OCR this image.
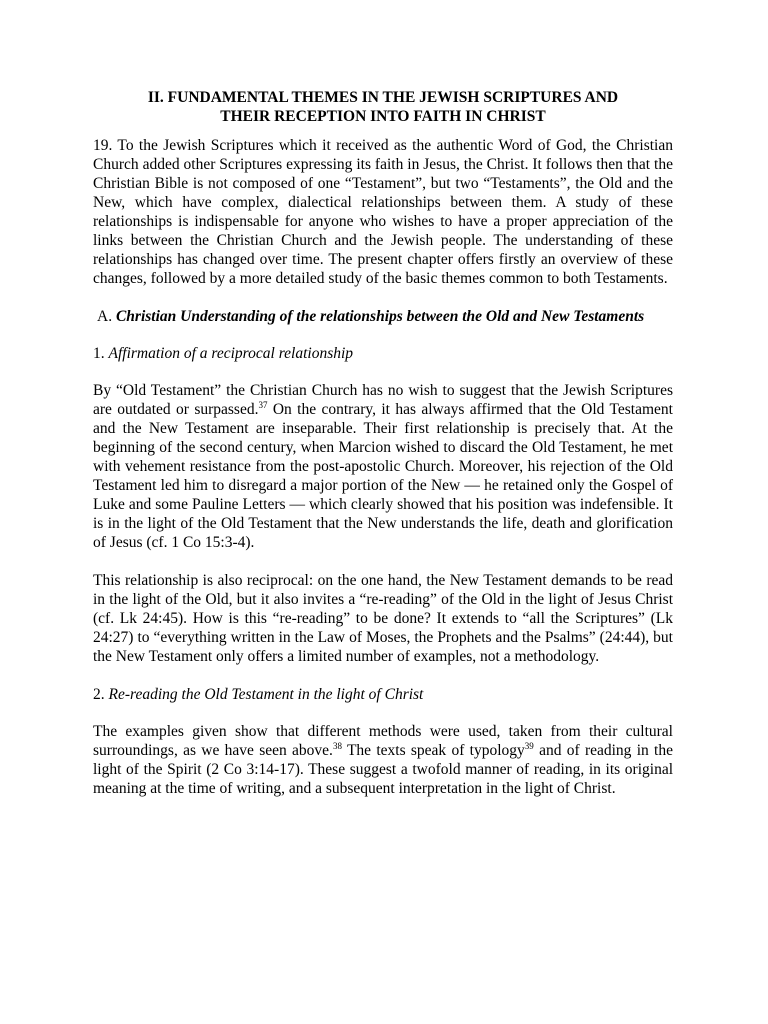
II. FUNDAMENTAL THEMES IN THE JEWISH SCRIPTURES AND
THEIR RECEPTION INTO FAITH IN CHRIST

19. To the Jewish Scriptures which it received as the authentic Word of God, the Christian Church added other Scriptures expressing its faith in Jesus, the Christ. It follows then that the Christian Bible is not composed of one “Testament”, but two “Testaments”, the Old and the New, which have complex, dialectical relationships between them. A study of these relationships is indispensable for anyone who wishes to have a proper appreciation of the links between the Christian Church and the Jewish people. The understanding of these relationships has changed over time. The present chapter offers firstly an overview of these changes, followed by a more detailed study of the basic themes common to both Testaments.

A. Christian Understanding of the relationships between the Old and New Testaments
1. Affirmation of a reciprocal relationship

By “Old Testament” the Christian Church has no wish to suggest that the Jewish Scriptures are outdated or surpassed.$^{37}$ On the contrary, it has always affirmed that the Old Testament and the New Testament are inseparable. Their first relationship is precisely that. At the beginning of the second century, when Marcion wished to discard the Old Testament, he met with vehement resistance from the post-apostolic Church. Moreover, his rejection of the Old Testament led him to disregard a major portion of the New — he retained only the Gospel of Luke and some Pauline Letters — which clearly showed that his position was indefensible. It is in the light of the Old Testament that the New understands the life, death and glorification of Jesus (cf. 1 Co 15:3-4).

This relationship is also reciprocal: on the one hand, the New Testament demands to be read in the light of the Old, but it also invites a “re-reading” of the Old in the light of Jesus Christ (cf. Lk 24:45). How is this “re-reading” to be done? It extends to “all the Scriptures” (Lk 24:27) to “everything written in the Law of Moses, the Prophets and the Psalms” (24:44), but the New Testament only offers a limited number of examples, not a methodology.

2. Re-reading the Old Testament in the light of Christ

The examples given show that different methods were used, taken from their cultural surroundings, as we have seen above.$^{38}$ The texts speak of typology$^{39}$ and of reading in the light of the Spirit (2 Co 3:14-17). These suggest a twofold manner of reading, in its original meaning at the time of writing, and a subsequent interpretation in the light of Christ.
